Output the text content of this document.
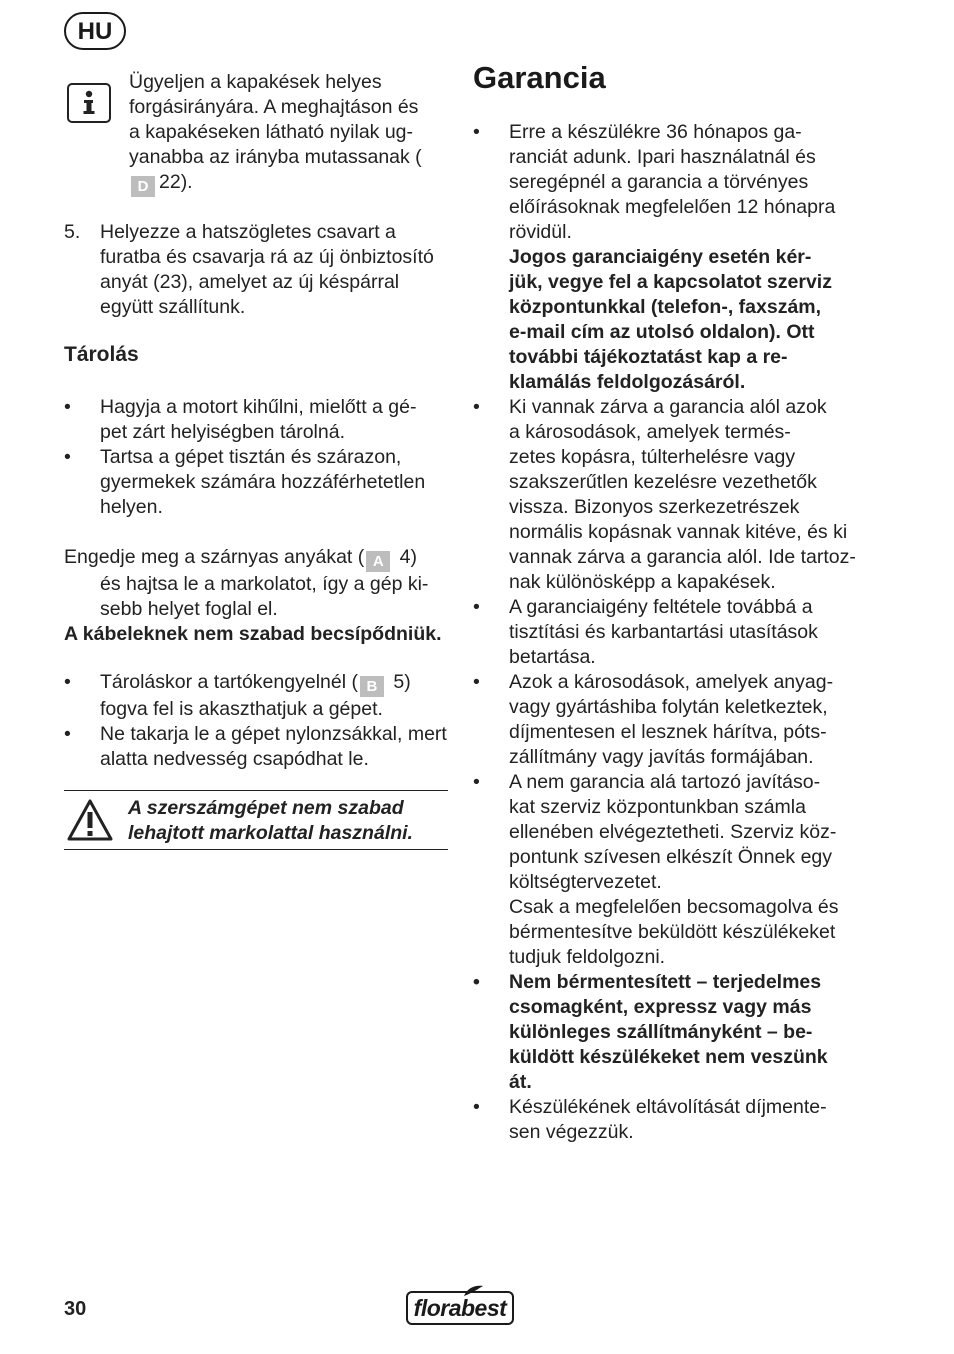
HU
Ügyeljen a kapakések helyes
forgásirányára. A meghajtáson és
a kapakéseken látható nyilak ug-
yanabba az irányba mutassanak (
D 22).
5. Helyezze a hatszögletes csavart a
furatba és csavarja rá az új önbiztosító
anyát (23), amelyet az új késpárral
együtt szállítunk.
Tárolás
• Hagyja a motort kihűlni, mielőtt a gé-
pet zárt helyiségben tárolná.
• Tartsa a gépet tisztán és szárazon,
gyermekek számára hozzáférhetetlen
helyen.
Engedje meg a szárnyas anyákat ( A 4)
és hajtsa le a markolatot, így a gép ki-
sebb helyet foglal el.
A kábeleknek nem szabad becsípődniük.
• Tároláskor a tartókengyelnél ( B 5)
fogva fel is akaszthatjuk a gépet.
• Ne takarja le a gépet nylonzsákkal, mert
alatta nedvesség csapódhat le.
A szerszámgépet nem szabad
lehajtott markolattal használni.
Garancia
• Erre a készülékre 36 hónapos ga-
ranciát adunk. Ipari használatnál és
seregépnél a garancia a törvényes
előírásoknak megfelelően 12 hónapra
rövidül.
Jogos garanciaigény esetén kér-
jük, vegye fel a kapcsolatot szerviz
központunkkal (telefon-, faxszám,
e-mail cím az utolsó oldalon). Ott
további tájékoztatást kap a re-
klamálás feldolgozásáról.
• Ki vannak zárva a garancia alól azok
a károsodások, amelyek termés-
zetes kopásra, túlterhelésre vagy
szakszerűtlen kezelésre vezethetők
vissza. Bizonyos szerkezetrészek
normális kopásnak vannak kitéve, és ki
vannak zárva a garancia alól. Ide tartoz-
nak különösképp a kapakések.
• A garanciaigény feltétele továbbá a
tisztítási és karbantartási utasítások
betartása.
• Azok a károsodások, amelyek anyag-
vagy gyártáshiba folytán keletkeztek,
díjmentesen el lesznek hárítva, póts-
zállítmány vagy javítás formájában.
• A nem garancia alá tartozó javításo-
kat szerviz központunkban számla
ellenében elvégeztetheti. Szerviz köz-
pontunk szívesen elkészít Önnek egy
költségtervezetet.
Csak a megfelelően becsomagolva és
bérmentesítve beküldött készülékeket
tudjuk feldolgozni.
• Nem bérmentesített – terjedelmes
csomagként, expressz vagy más
különleges szállítmányként – be-
küldött készülékeket nem veszünk
át.
• Készülékének eltávolítását díjmente-
sen végezzük.
30	florabest
